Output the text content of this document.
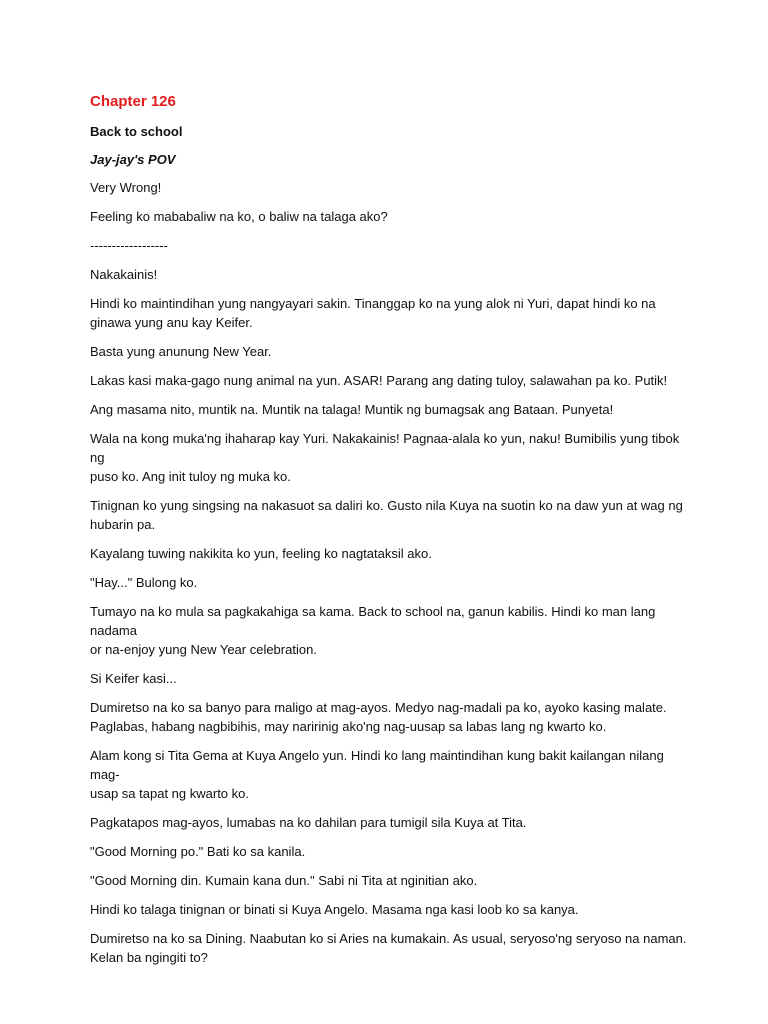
Chapter 126
Back to school
Jay-jay's POV
Very Wrong!
Feeling ko mababaliw na ko, o baliw na talaga ako?
------------------
Nakakainis!
Hindi ko maintindihan yung nangyayari sakin. Tinanggap ko na yung alok ni Yuri, dapat hindi ko na
ginawa yung anu kay Keifer.
Basta yung anunung New Year.
Lakas kasi maka-gago nung animal na yun. ASAR! Parang ang dating tuloy, salawahan pa ko. Putik!
Ang masama nito, muntik na. Muntik na talaga! Muntik ng bumagsak ang Bataan. Punyeta!
Wala na kong muka'ng ihaharap kay Yuri. Nakakainis! Pagnaa-alala ko yun, naku! Bumibilis yung tibok ng
puso ko. Ang init tuloy ng muka ko.
Tinignan ko yung singsing na nakasuot sa daliri ko. Gusto nila Kuya na suotin ko na daw yun at wag ng
hubarin pa.
Kayalang tuwing nakikita ko yun, feeling ko nagtataksil ako.
"Hay..." Bulong ko.
Tumayo na ko mula sa pagkakahiga sa kama. Back to school na, ganun kabilis. Hindi ko man lang nadama
or na-enjoy yung New Year celebration.
Si Keifer kasi...
Dumiretso na ko sa banyo para maligo at mag-ayos. Medyo nag-madali pa ko, ayoko kasing malate.
Paglabas, habang nagbibihis, may naririnig ako'ng nag-uusap sa labas lang ng kwarto ko.
Alam kong si Tita Gema at Kuya Angelo yun. Hindi ko lang maintindihan kung bakit kailangan nilang mag-
usap sa tapat ng kwarto ko.
Pagkatapos mag-ayos, lumabas na ko dahilan para tumigil sila Kuya at Tita.
"Good Morning po." Bati ko sa kanila.
"Good Morning din. Kumain kana dun." Sabi ni Tita at nginitian ako.
Hindi ko talaga tinignan or binati si Kuya Angelo. Masama nga kasi loob ko sa kanya.
Dumiretso na ko sa Dining. Naabutan ko si Aries na kumakain. As usual, seryoso'ng seryoso na naman.
Kelan ba ngingiti to?
